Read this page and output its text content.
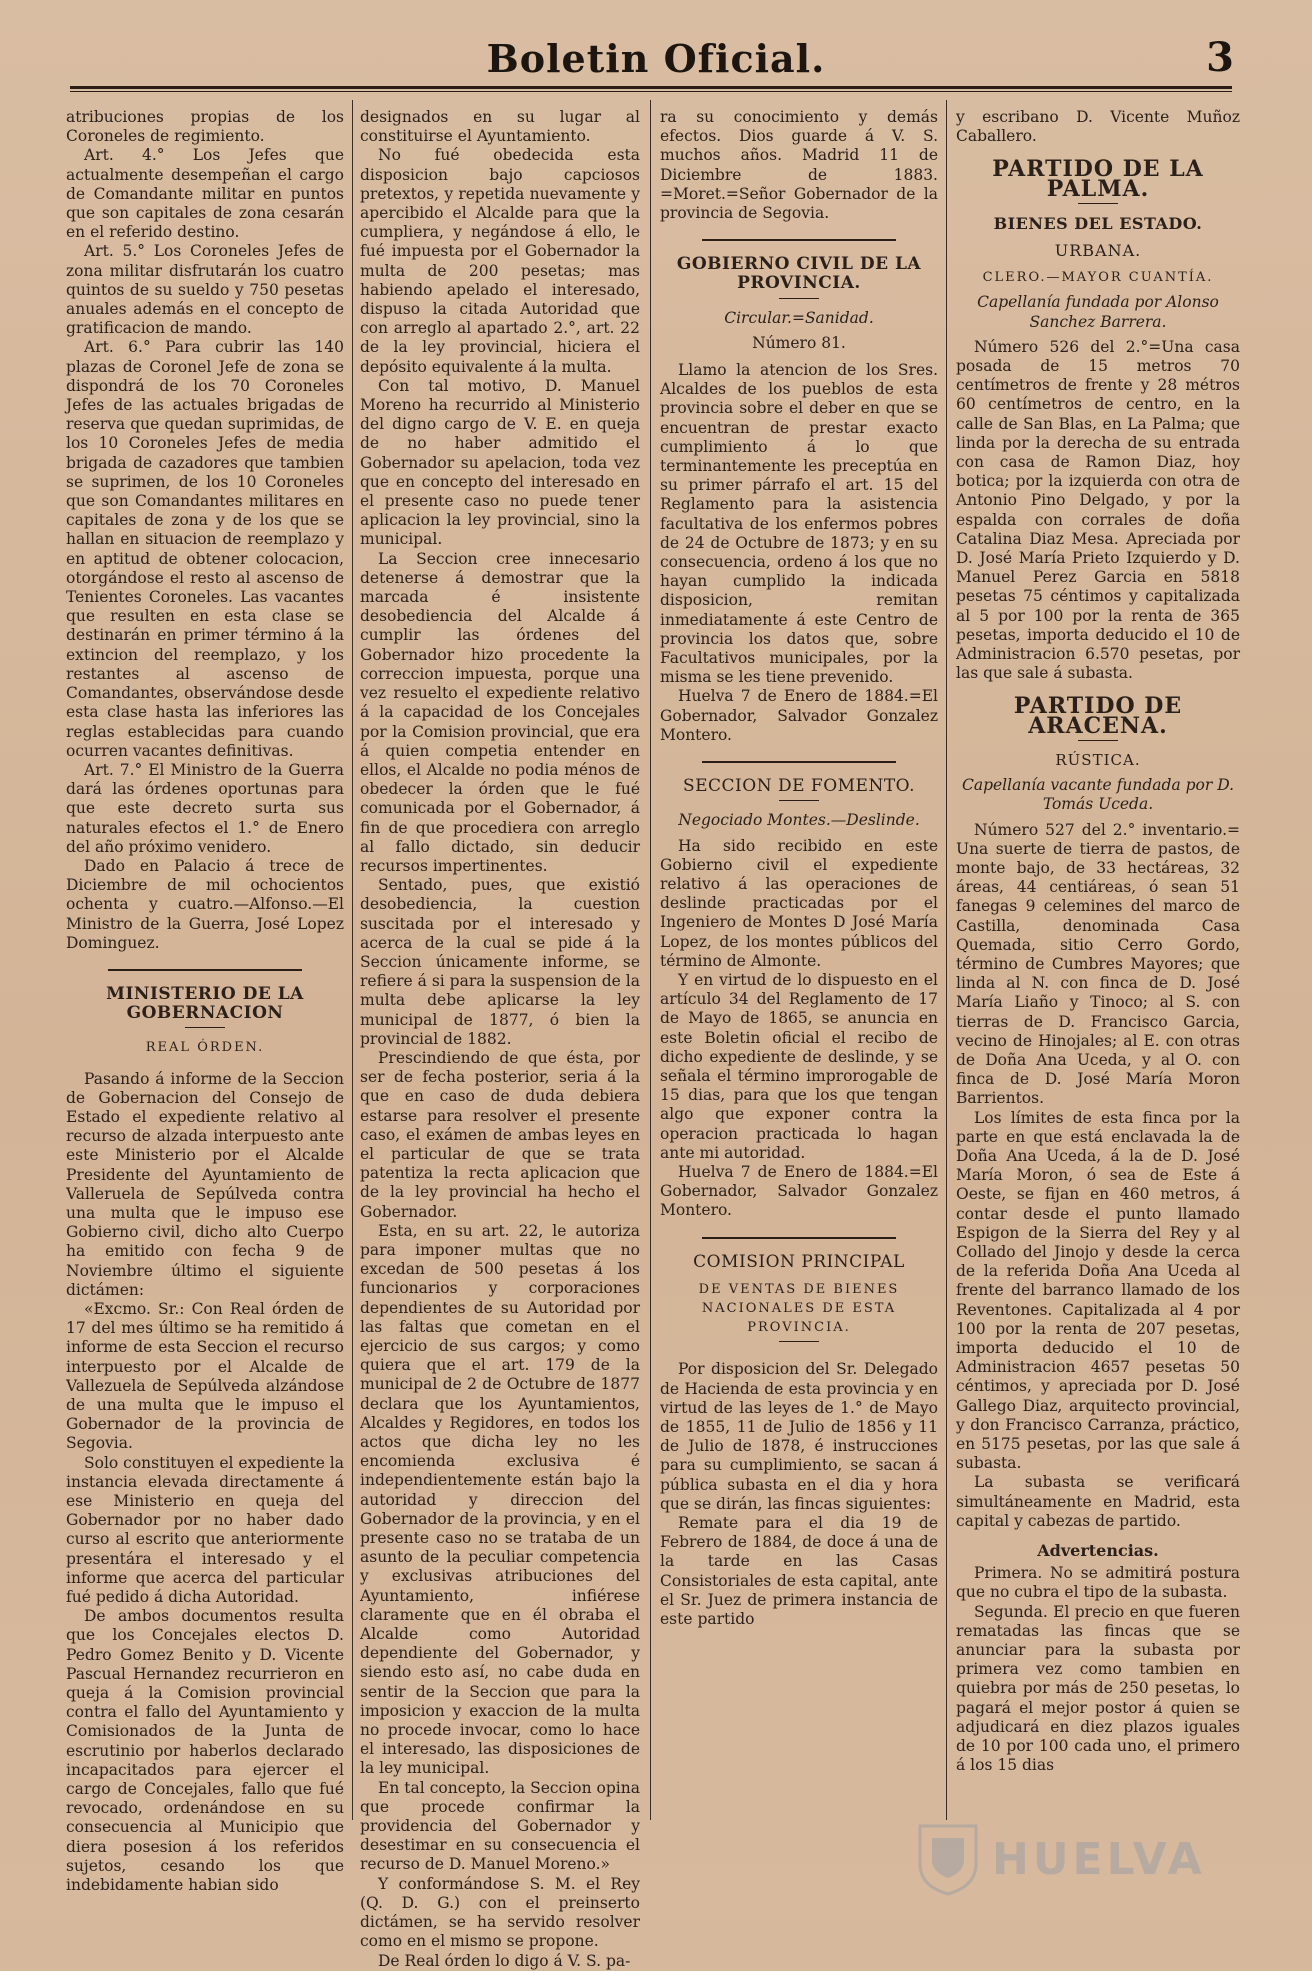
Boletin Oficial.	3

atribuciones propias de los Coroneles de regimiento.

Art. 4.° Los Jefes que actualmente desempeñan el cargo de Comandante militar en puntos que son capitales de zona cesarán en el referido destino.

Art. 5.° Los Coroneles Jefes de zona militar disfrutarán los cuatro quintos de su sueldo y 750 pesetas anuales además en el concepto de gratificacion de mando.

Art. 6.° Para cubrir las 140 plazas de Coronel Jefe de zona se dispondrá de los 70 Coroneles Jefes de las actuales brigadas de reserva que quedan suprimidas, de los 10 Coroneles Jefes de media brigada de cazadores que tambien se suprimen, de los 10 Coroneles que son Comandantes militares en capitales de zona y de los que se hallan en situacion de reemplazo y en aptitud de obtener colocacion, otorgándose el resto al ascenso de Tenientes Coroneles. Las vacantes que resulten en esta clase se destinarán en primer término á la extincion del reemplazo, y los restantes al ascenso de Comandantes, observándose desde esta clase hasta las inferiores las reglas establecidas para cuando ocurren vacantes definitivas.

Art. 7.° El Ministro de la Guerra dará las órdenes oportunas para que este decreto surta sus naturales efectos el 1.° de Enero del año próximo venidero.

Dado en Palacio á trece de Diciembre de mil ochocientos ochenta y cuatro.—Alfonso.—El Ministro de la Guerra, José Lopez Dominguez.

MINISTERIO DE LA GOBERNACION
REAL ÓRDEN.

Pasando á informe de la Seccion de Gobernacion del Consejo de Estado el expediente relativo al recurso de alzada interpuesto ante este Ministerio por el Alcalde Presidente del Ayuntamiento de Valleruela de Sepúlveda contra una multa que le impuso ese Gobierno civil, dicho alto Cuerpo ha emitido con fecha 9 de Noviembre último el siguiente dictámen:

«Excmo. Sr.: Con Real órden de 17 del mes último se ha remitido á informe de esta Seccion el recurso interpuesto por el Alcalde de Vallezuela de Sepúlveda alzándose de una multa que le impuso el Gobernador de la provincia de Segovia.

Solo constituyen el expediente la instancia elevada directamente á ese Ministerio en queja del Gobernador por no haber dado curso al escrito que anteriormente presentára el interesado y el informe que acerca del particular fué pedido á dicha Autoridad.

De ambos documentos resulta que los Concejales electos D. Pedro Gomez Benito y D. Vicente Pascual Hernandez recurrieron en queja á la Comision provincial contra el fallo del Ayuntamiento y Comisionados de la Junta de escrutinio por haberlos declarado incapacitados para ejercer el cargo de Concejales, fallo que fué revocado, ordenándose en su consecuencia al Municipio que diera posesion á los referidos sujetos, cesando los que indebidamente habian sido

designados en su lugar al constituirse el Ayuntamiento.

No fué obedecida esta disposicion bajo capciosos pretextos, y repetida nuevamente y apercibido el Alcalde para que la cumpliera, y negándose á ello, le fué impuesta por el Gobernador la multa de 200 pesetas; mas habiendo apelado el interesado, dispuso la citada Autoridad que con arreglo al apartado 2.°, art. 22 de la ley provincial, hiciera el depósito equivalente á la multa.

Con tal motivo, D. Manuel Moreno ha recurrido al Ministerio del digno cargo de V. E. en queja de no haber admitido el Gobernador su apelacion, toda vez que en concepto del interesado en el presente caso no puede tener aplicacion la ley provincial, sino la municipal.

La Seccion cree innecesario detenerse á demostrar que la marcada é insistente desobediencia del Alcalde á cumplir las órdenes del Gobernador hizo procedente la correccion impuesta, porque una vez resuelto el expediente relativo á la capacidad de los Concejales por la Comision provincial, que era á quien competia entender en ellos, el Alcalde no podia ménos de obedecer la órden que le fué comunicada por el Gobernador, á fin de que procediera con arreglo al fallo dictado, sin deducir recursos impertinentes.

Sentado, pues, que existió desobediencia, la cuestion suscitada por el interesado y acerca de la cual se pide á la Seccion únicamente informe, se refiere á si para la suspension de la multa debe aplicarse la ley municipal de 1877, ó bien la provincial de 1882.

Prescindiendo de que ésta, por ser de fecha posterior, seria á la que en caso de duda debiera estarse para resolver el presente caso, el exámen de ambas leyes en el particular de que se trata patentiza la recta aplicacion que de la ley provincial ha hecho el Gobernador.

Esta, en su art. 22, le autoriza para imponer multas que no excedan de 500 pesetas á los funcionarios y corporaciones dependientes de su Autoridad por las faltas que cometan en el ejercicio de sus cargos; y como quiera que el art. 179 de la municipal de 2 de Octubre de 1877 declara que los Ayuntamientos, Alcaldes y Regidores, en todos los actos que dicha ley no les encomienda exclusiva é independientemente están bajo la autoridad y direccion del Gobernador de la provincia, y en el presente caso no se trataba de un asunto de la peculiar competencia y exclusivas atribuciones del Ayuntamiento, infiérese claramente que en él obraba el Alcalde como Autoridad dependiente del Gobernador, y siendo esto así, no cabe duda en sentir de la Seccion que para la imposicion y exaccion de la multa no procede invocar, como lo hace el interesado, las disposiciones de la ley municipal.

En tal concepto, la Seccion opina que procede confirmar la providencia del Gobernador y desestimar en su consecuencia el recurso de D. Manuel Moreno.»

Y conformándose S. M. el Rey (Q. D. G.) con el preinserto dictámen, se ha servido resolver como en el mismo se propone.

De Real órden lo digo á V. S. pa-

ra su conocimiento y demás efectos. Dios guarde á V. S. muchos años. Madrid 11 de Diciembre de 1883. =Moret.=Señor Gobernador de la provincia de Segovia.

GOBIERNO CIVIL DE LA PROVINCIA.
Circular.=Sanidad.
Número 81.

Llamo la atencion de los Sres. Alcaldes de los pueblos de esta provincia sobre el deber en que se encuentran de prestar exacto cumplimiento á lo que terminantemente les preceptúa en su primer párrafo el art. 15 del Reglamento para la asistencia facultativa de los enfermos pobres de 24 de Octubre de 1873; y en su consecuencia, ordeno á los que no hayan cumplido la indicada disposicion, remitan inmediatamente á este Centro de provincia los datos que, sobre Facultativos municipales, por la misma se les tiene prevenido.

Huelva 7 de Enero de 1884.=El Gobernador, Salvador Gonzalez Montero.

SECCION DE FOMENTO.
Negociado Montes.—Deslinde.

Ha sido recibido en este Gobierno civil el expediente relativo á las operaciones de deslinde practicadas por el Ingeniero de Montes D José María Lopez, de los montes públicos del término de Almonte.

Y en virtud de lo dispuesto en el artículo 34 del Reglamento de 17 de Mayo de 1865, se anuncia en este Boletin oficial el recibo de dicho expediente de deslinde, y se señala el término improrogable de 15 dias, para que los que tengan algo que exponer contra la operacion practicada lo hagan ante mi autoridad.

Huelva 7 de Enero de 1884.=El Gobernador, Salvador Gonzalez Montero.

COMISION PRINCIPAL
DE VENTAS DE BIENES NACIONALES DE ESTA PROVINCIA.

Por disposicion del Sr. Delegado de Hacienda de esta provincia y en virtud de las leyes de 1.° de Mayo de 1855, 11 de Julio de 1856 y 11 de Julio de 1878, é instrucciones para su cumplimiento, se sacan á pública subasta en el dia y hora que se dirán, las fincas siguientes:

Remate para el dia 19 de Febrero de 1884, de doce á una de la tarde en las Casas Consistoriales de esta capital, ante el Sr. Juez de primera instancia de este partido

y escribano D. Vicente Muñoz Caballero.

PARTIDO DE LA PALMA.
BIENES DEL ESTADO.
URBANA.
CLERO.—MAYOR CUANTÍA.
Capellanía fundada por Alonso Sanchez Barrera.

Número 526 del 2.°=Una casa posada de 15 metros 70 centímetros de frente y 28 métros 60 centímetros de centro, en la calle de San Blas, en La Palma; que linda por la derecha de su entrada con casa de Ramon Diaz, hoy botica; por la izquierda con otra de Antonio Pino Delgado, y por la espalda con corrales de doña Catalina Diaz Mesa. Apreciada por D. José María Prieto Izquierdo y D. Manuel Perez Garcia en 5818 pesetas 75 céntimos y capitalizada al 5 por 100 por la renta de 365 pesetas, importa deducido el 10 de Administracion 6.570 pesetas, por las que sale á subasta.

PARTIDO DE ARACENA.
RÚSTICA.
Capellanía vacante fundada por D. Tomás Uceda.

Número 527 del 2.° inventario.= Una suerte de tierra de pastos, de monte bajo, de 33 hectáreas, 32 áreas, 44 centiáreas, ó sean 51 fanegas 9 celemines del marco de Castilla, denominada Casa Quemada, sitio Cerro Gordo, término de Cumbres Mayores; que linda al N. con finca de D. José María Liaño y Tinoco; al S. con tierras de D. Francisco Garcia, vecino de Hinojales; al E. con otras de Doña Ana Uceda, y al O. con finca de D. José María Moron Barrientos.

Los límites de esta finca por la parte en que está enclavada la de Doña Ana Uceda, á la de D. José María Moron, ó sea de Este á Oeste, se fijan en 460 metros, á contar desde el punto llamado Espigon de la Sierra del Rey y al Collado del Jinojo y desde la cerca de la referida Doña Ana Uceda al frente del barranco llamado de los Reventones. Capitalizada al 4 por 100 por la renta de 207 pesetas, importa deducido el 10 de Administracion 4657 pesetas 50 céntimos, y apreciada por D. José Gallego Diaz, arquitecto provincial, y don Francisco Carranza, práctico, en 5175 pesetas, por las que sale á subasta.

La subasta se verificará simultáneamente en Madrid, esta capital y cabezas de partido.

Advertencias.

Primera. No se admitirá postura que no cubra el tipo de la subasta.

Segunda. El precio en que fueren rematadas las fincas que se anunciar para la subasta por primera vez como tambien en quiebra por más de 250 pesetas, lo pagará el mejor postor á quien se adjudicará en diez plazos iguales de 10 por 100 cada uno, el primero á los 15 dias

HUELVA
